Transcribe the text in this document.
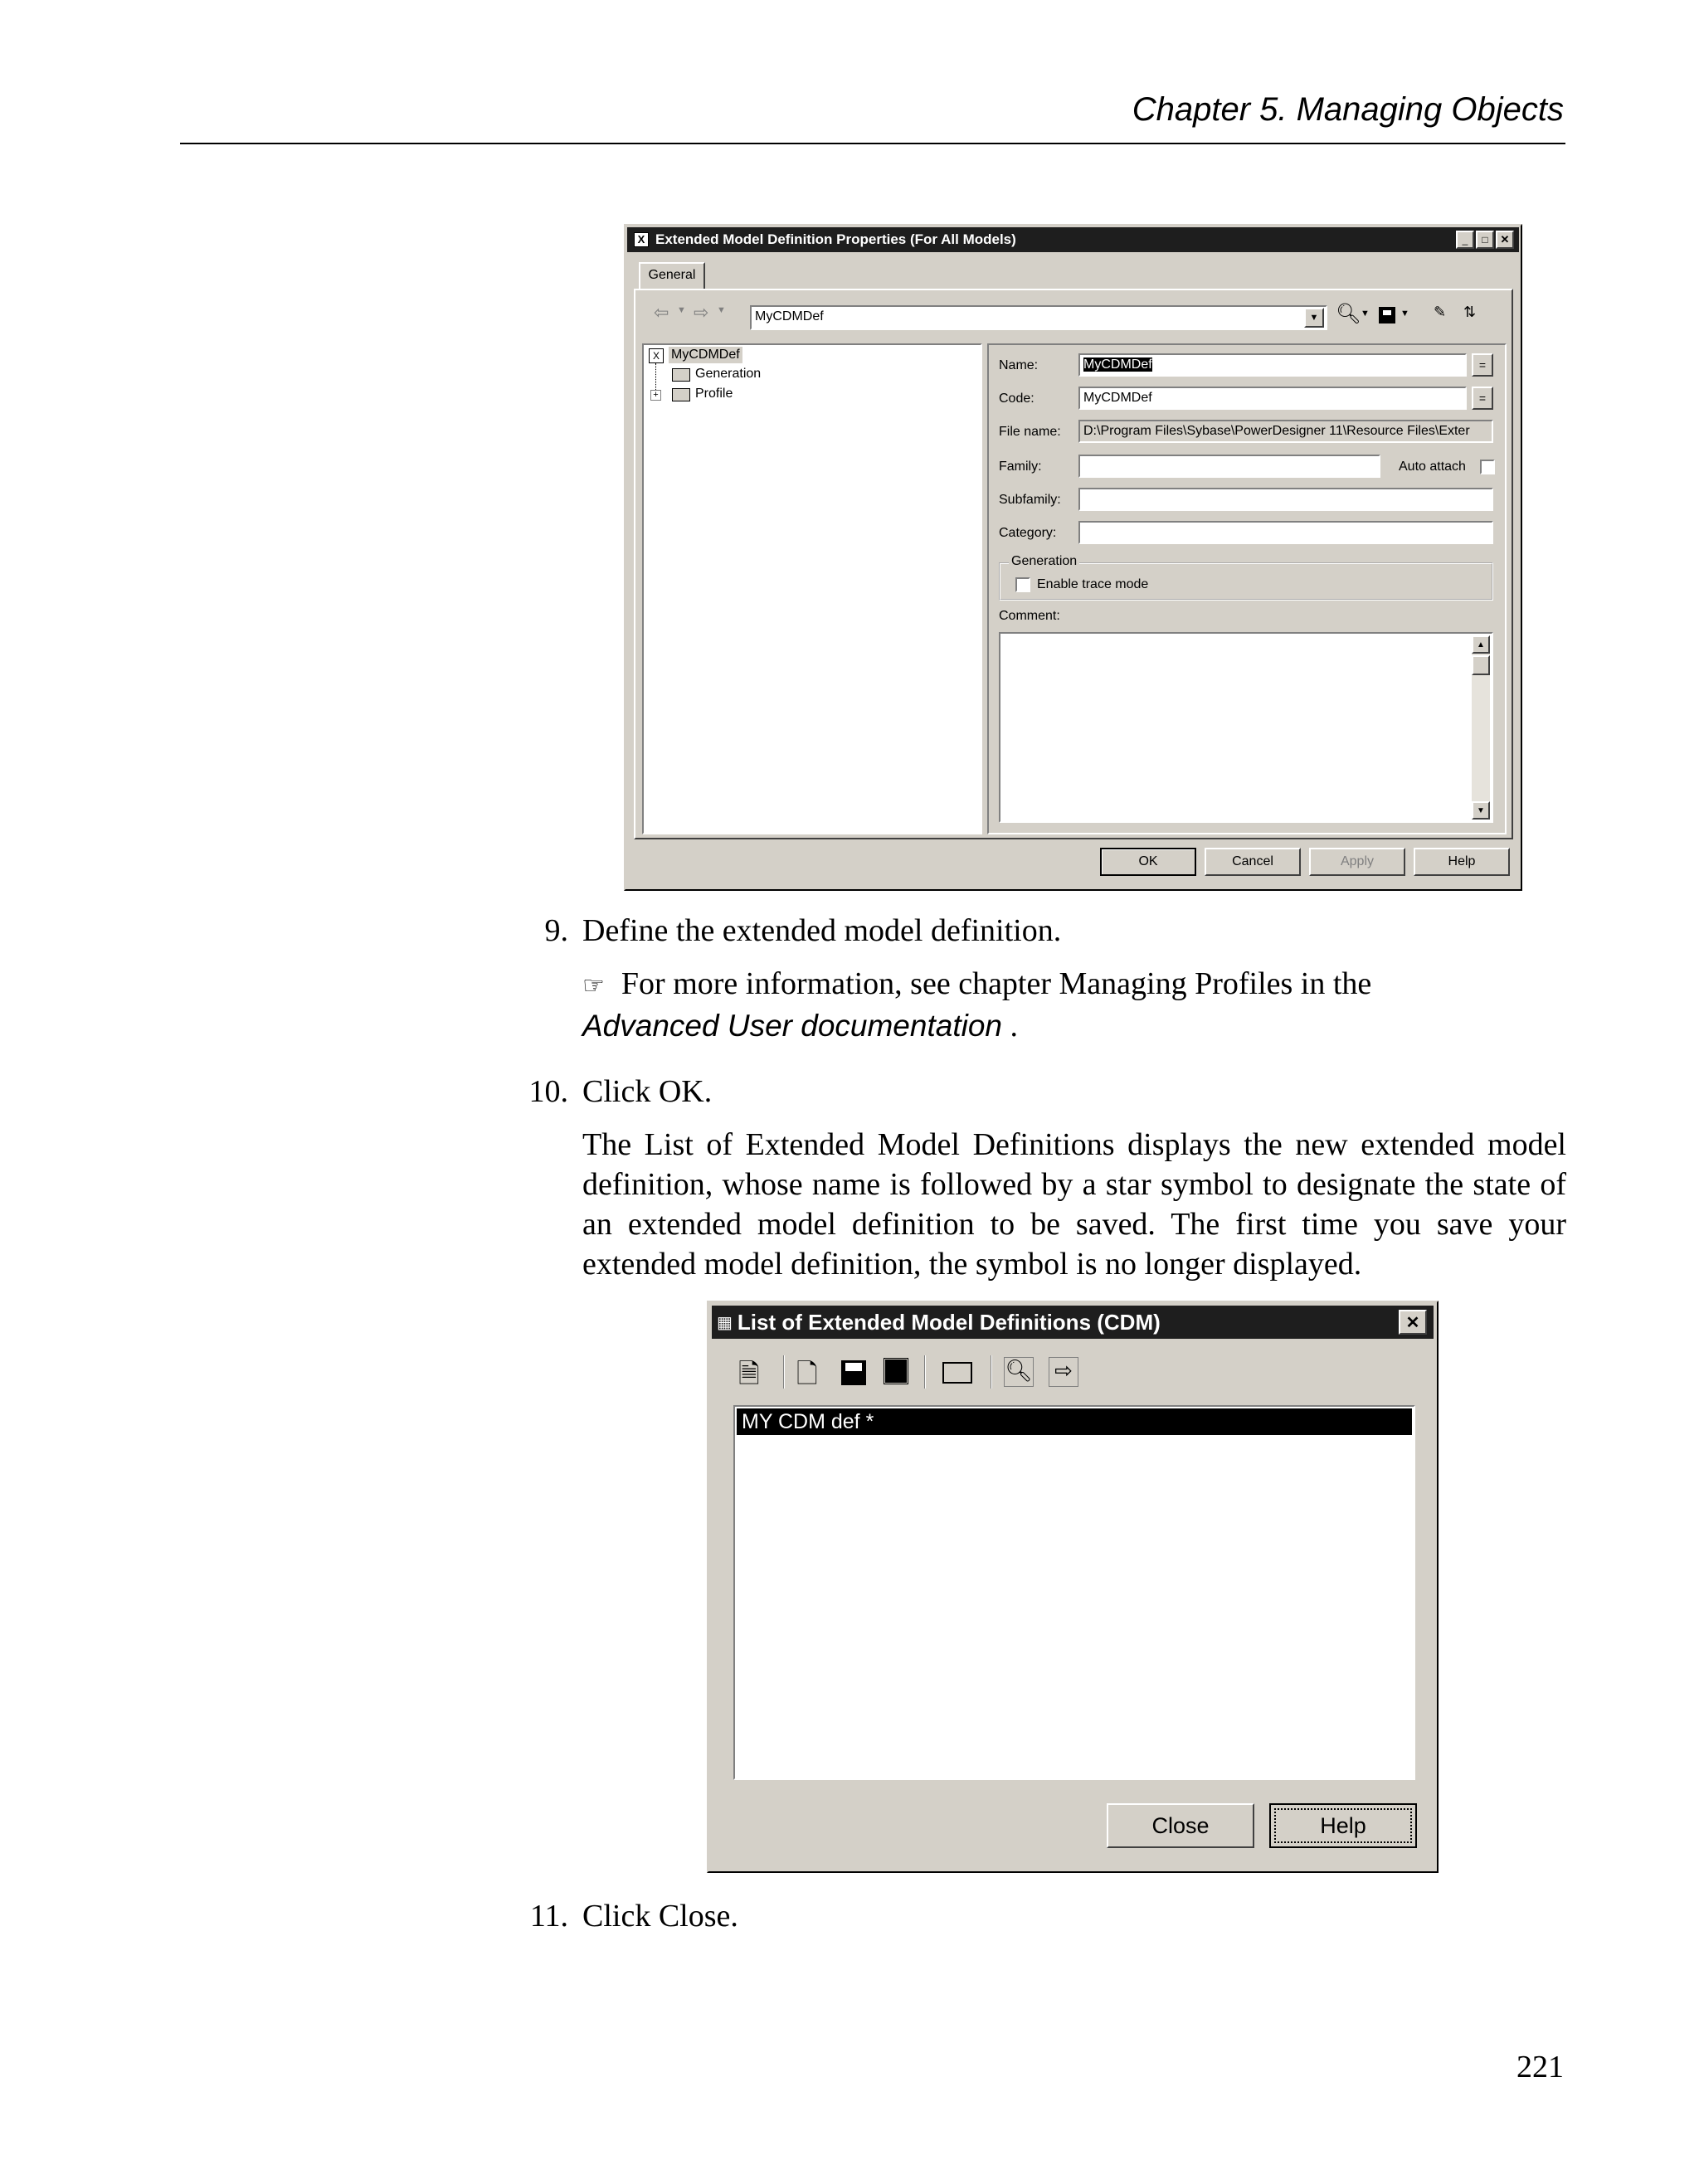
Chapter 5. Managing Objects
X Extended Model Definition Properties (For All Models)	_	□	✕
General
⇦ ▼ ⇨ ▼	MyCDMDef	▼ 🔍︎ ▼	▼ ✎ ⇅
X MyCDMDef
Generation
+	Profile
Name:	MyCDMDef	=
Code:	MyCDMDef	=
File name:	D:\Program Files\Sybase\PowerDesigner 11\Resource Files\Exter
Family:	Auto attach
Subfamily:
Category:
Generation
Enable trace mode
Comment:
▲
▼
OK	Cancel	Apply	Help
9. Define the extended model definition.
☞ For more information, see chapter Managing Profiles in the
Advanced User documentation .
10. Click OK.
The List of Extended Model Definitions displays the new extended model definition, whose name is followed by a star symbol to designate the state of an extended model definition to be saved. The first time you save your extended model definition, the symbol is no longer displayed.
▦ List of Extended Model Definitions (CDM)	✕
🗎 🗋	🔍︎ ⇨
MY CDM def *
Close	Help
11. Click Close.
221
